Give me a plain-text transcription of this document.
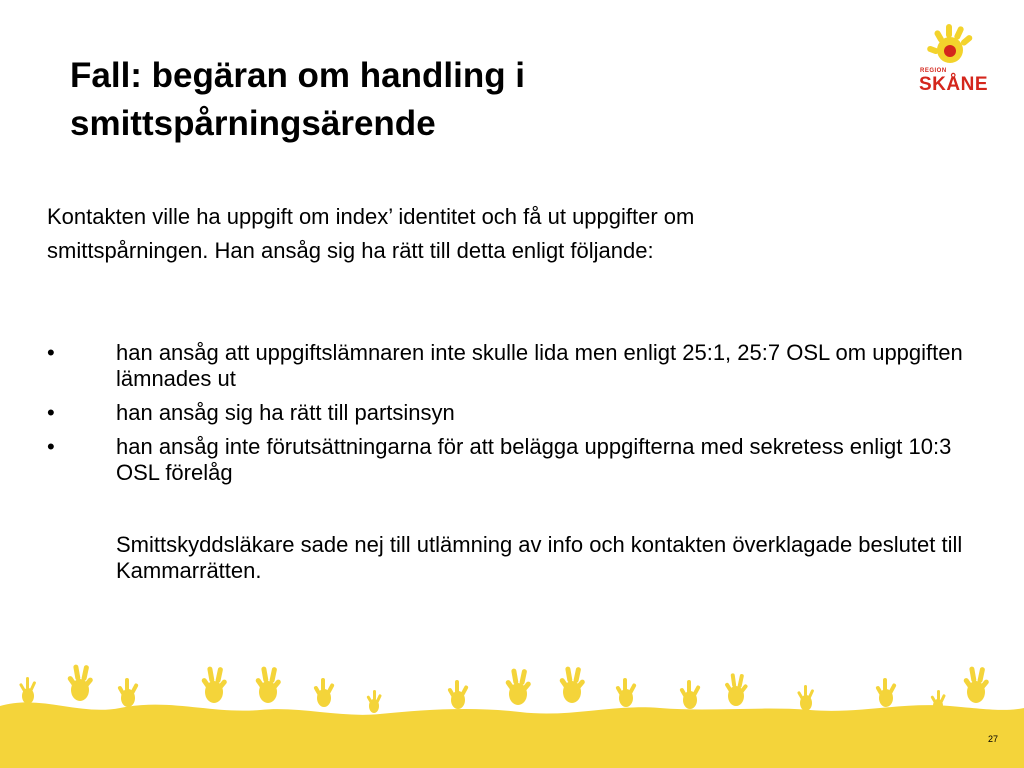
Fall: begäran om handling i smittspårningsärende
REGION
SKÅNE

Kontakten ville ha uppgift om index’ identitet och få ut uppgifter om smittspårningen. Han ansåg sig ha rätt till detta enligt följande:

•	han ansåg att uppgiftslämnaren inte skulle lida men enligt 25:1, 25:7 OSL om uppgiften lämnades ut
•	han ansåg sig ha rätt till partsinsyn
•	han ansåg inte förutsättningarna för att belägga uppgifterna med sekretess enligt 10:3 OSL förelåg

Smittskyddsläkare sade nej till utlämning av info och kontakten överklagade beslutet till Kammarrätten.

27
